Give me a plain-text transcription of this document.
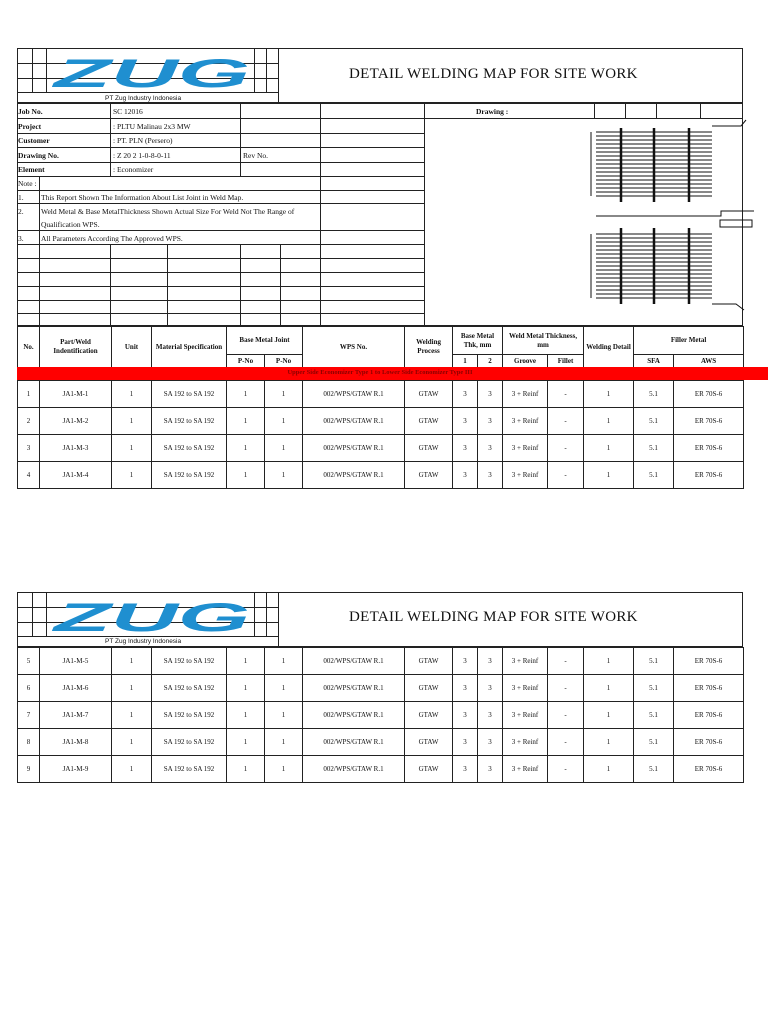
ZUG
PT Zug Industry Indonesia
DETAIL WELDING MAP FOR SITE WORK
Job No.	SC 12016
Project	: PLTU Malinau 2x3 MW
Customer	: PT. PLN (Persero)
Drawing No.	: Z 20 2 1-0-8-0-11	Rev No.
Element	: Economizer
Drawing :
Note :
1. This Report Shown The Information About List Joint in Weld Map.
2. Weld Metal & Base MetalThickness Shown Actual Size For Weld Not The Range of
Qualification WPS.
3. All Parameters According The Approved WPS.
No.	Part/Weld Indentification	Unit	Material Specification	Base Metal Joint		WPS No.	Welding Process	Base Metal Thk, mm		Weld Metal Thickness, mm		Welding Detail	Filler Metal	
				P-No	P-No			1	2	Groove	Fillet		SFA	AWS

1	JA1-M-1	1	SA 192 to SA 192	1	1	002/WPS/GTAW R.1	GTAW	3	3	3 + Reinf	-	1	5.1	ER 70S-6
2	JA1-M-2	1	SA 192 to SA 192	1	1	002/WPS/GTAW R.1	GTAW	3	3	3 + Reinf	-	1	5.1	ER 70S-6
3	JA1-M-3	1	SA 192 to SA 192	1	1	002/WPS/GTAW R.1	GTAW	3	3	3 + Reinf	-	1	5.1	ER 70S-6
4	JA1-M-4	1	SA 192 to SA 192	1	1	002/WPS/GTAW R.1	GTAW	3	3	3 + Reinf	-	1	5.1	ER 70S-6
Upper Side Economizer Type 1 to Lower Side Economizer Type III
ZUG
PT Zug Industry Indonesia
DETAIL WELDING MAP FOR SITE WORK
5	JA1-M-5	1	SA 192 to SA 192	1	1	002/WPS/GTAW R.1	GTAW	3	3	3 + Reinf	-	1	5.1	ER 70S-6
6	JA1-M-6	1	SA 192 to SA 192	1	1	002/WPS/GTAW R.1	GTAW	3	3	3 + Reinf	-	1	5.1	ER 70S-6
7	JA1-M-7	1	SA 192 to SA 192	1	1	002/WPS/GTAW R.1	GTAW	3	3	3 + Reinf	-	1	5.1	ER 70S-6
8	JA1-M-8	1	SA 192 to SA 192	1	1	002/WPS/GTAW R.1	GTAW	3	3	3 + Reinf	-	1	5.1	ER 70S-6
9	JA1-M-9	1	SA 192 to SA 192	1	1	002/WPS/GTAW R.1	GTAW	3	3	3 + Reinf	-	1	5.1	ER 70S-6
